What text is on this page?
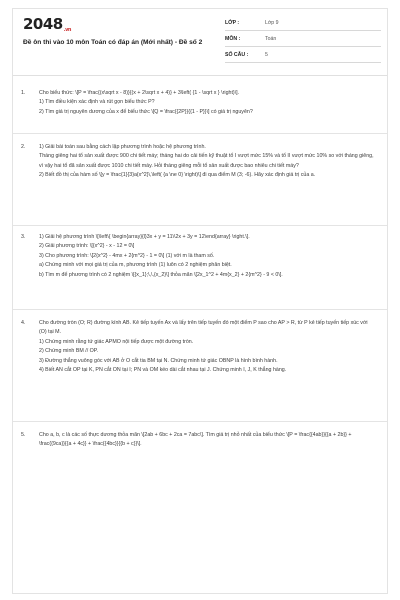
2048.vn
Đề ôn thi vào 10 môn Toán có đáp án (Mới nhất) - Đề số 2
LỚP :	Lớp 9
MÔN :	Toán
SỐ CÂU :	5
1.	Cho biểu thức: \[P = \frac{(x\sqrt x - 8)}{(x + 2\sqrt x + 4)} + 3\left( {1 - \sqrt x } \right)\].
1) Tìm điều kiện xác định và rút gọn biểu thức P?
2) Tìm giá trị nguyên dương của x để biểu thức \[Q = \frac{{2P}}{{1 - P}}\] có giá trị nguyên?
2.	1) Giải bài toán sau bằng cách lập phương trình hoặc hệ phương trình.
Tháng giêng hai tổ sản xuất được 900 chi tiết máy; tháng hai do cải tiến kỹ thuật tổ I vượt mức 15% và tổ II vượt mức 10% so với tháng giêng, vì vậy hai tổ đã sản xuất được 1010 chi tiết máy. Hỏi tháng giêng mỗi tổ sản xuất được bao nhiêu chi tiết máy?
2) Biết đồ thị của hàm số \[y = \frac{1}{3}a{x^2}\,\left( {a \ne 0} \right)\] đi qua điểm M (3; -6). Hãy xác định giá trị của a.
3.	1) Giải hệ phương trình \[\left\{ \begin{array}{l}3x + y = 11\\2x + 3y = 12\end{array} \right.\].
2) Giải phương trình: \[{x^2} - x - 12 = 0\]
3) Cho phương trình: \[2{x^2} - 4mx + 2{m^2} - 1 = 0\] (1) với m là tham số.
a) Chứng minh với mọi giá trị của m, phương trình (1) luôn có 2 nghiệm phân biệt.
b) Tìm m để phương trình có 2 nghiệm \[{x_1};\,\,{x_2}\] thỏa mãn \[2x_1^2 + 4m{x_2} + 2{m^2} - 9 < 0\].
4.	Cho đường tròn (O; R) đường kính AB. Kẻ tiếp tuyến Ax và lấy trên tiếp tuyến đó một điểm P sao cho AP > R, từ P kẻ tiếp tuyến tiếp xúc với (O) tại M.
1) Chứng minh rằng tứ giác APMO nội tiếp được một đường tròn.
2) Chứng minh BM // OP.
3) Đường thẳng vuông góc với AB ở O cắt tia BM tại N. Chứng minh tứ giác OBNP là hình bình hành.
4) Biết AN cắt OP tại K, PN cắt ON tại I; PN và OM kéo dài cắt nhau tại J. Chứng minh I, J, K thẳng hàng.
5.	Cho a, b, c là các số thực dương thỏa mãn \[2ab + 6bc + 2ca = 7abc\]. Tìm giá trị nhỏ nhất của biểu thức \[P = \frac{{4ab}}{{a + 2b}} + \frac{{9ca}}{{a + 4c}} + \frac{{4bc}}{{b + c}}\].
